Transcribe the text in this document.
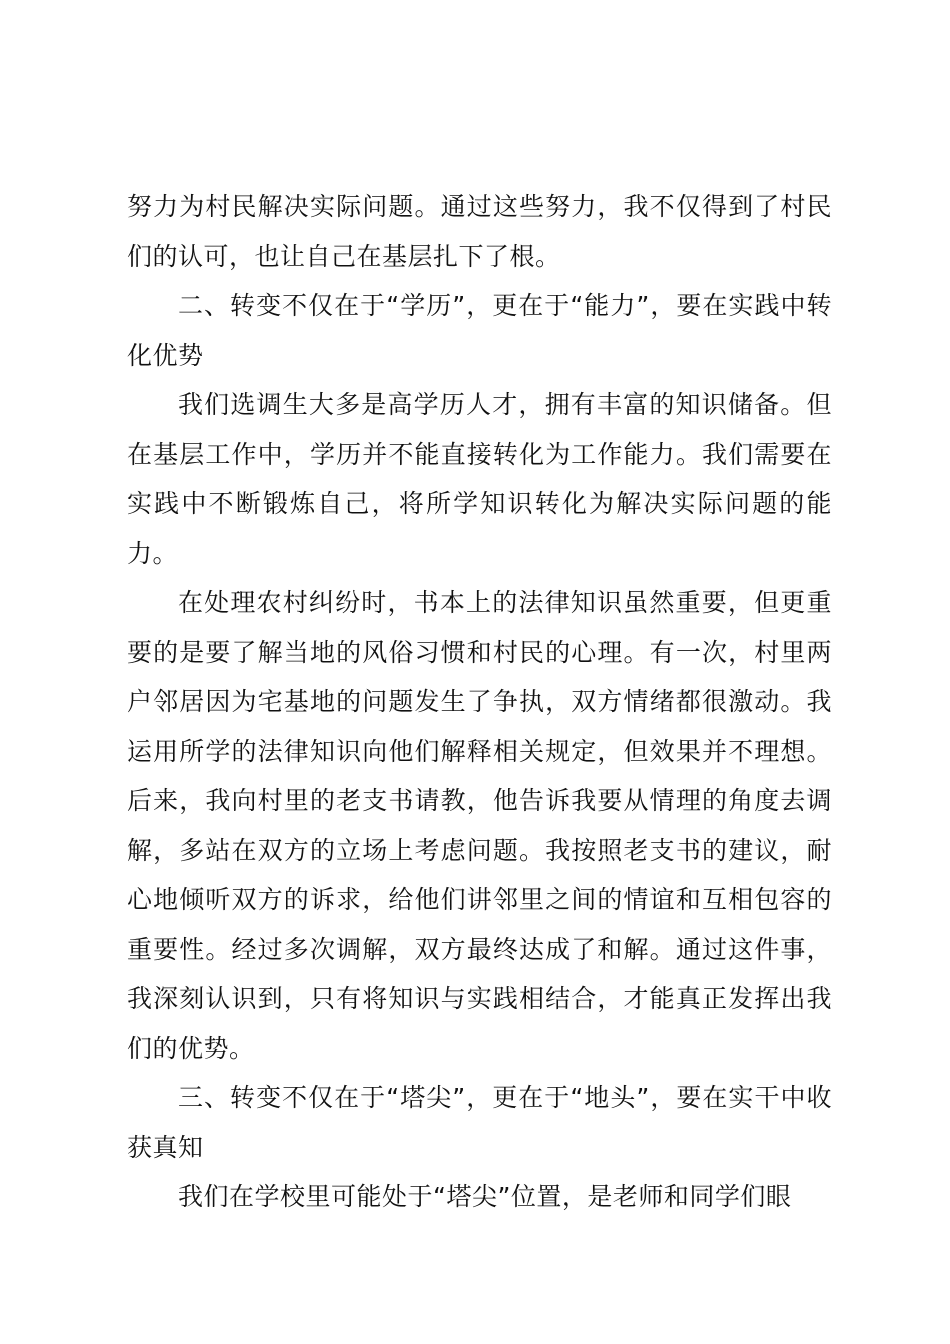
努力为村民解决实际问题。通过这些努力，我不仅得到了村民们的认可，也让自己在基层扎下了根。

二、转变不仅在于“学历”，更在于“能力”，要在实践中转化优势

我们选调生大多是高学历人才，拥有丰富的知识储备。但在基层工作中，学历并不能直接转化为工作能力。我们需要在实践中不断锻炼自己，将所学知识转化为解决实际问题的能力。

在处理农村纠纷时，书本上的法律知识虽然重要，但更重要的是要了解当地的风俗习惯和村民的心理。有一次，村里两户邻居因为宅基地的问题发生了争执，双方情绪都很激动。我运用所学的法律知识向他们解释相关规定，但效果并不理想。后来，我向村里的老支书请教，他告诉我要从情理的角度去调解，多站在双方的立场上考虑问题。我按照老支书的建议，耐心地倾听双方的诉求，给他们讲邻里之间的情谊和互相包容的重要性。经过多次调解，双方最终达成了和解。通过这件事，我深刻认识到，只有将知识与实践相结合，才能真正发挥出我们的优势。

三、转变不仅在于“塔尖”，更在于“地头”，要在实干中收获真知

我们在学校里可能处于“塔尖”位置，是老师和同学们眼
